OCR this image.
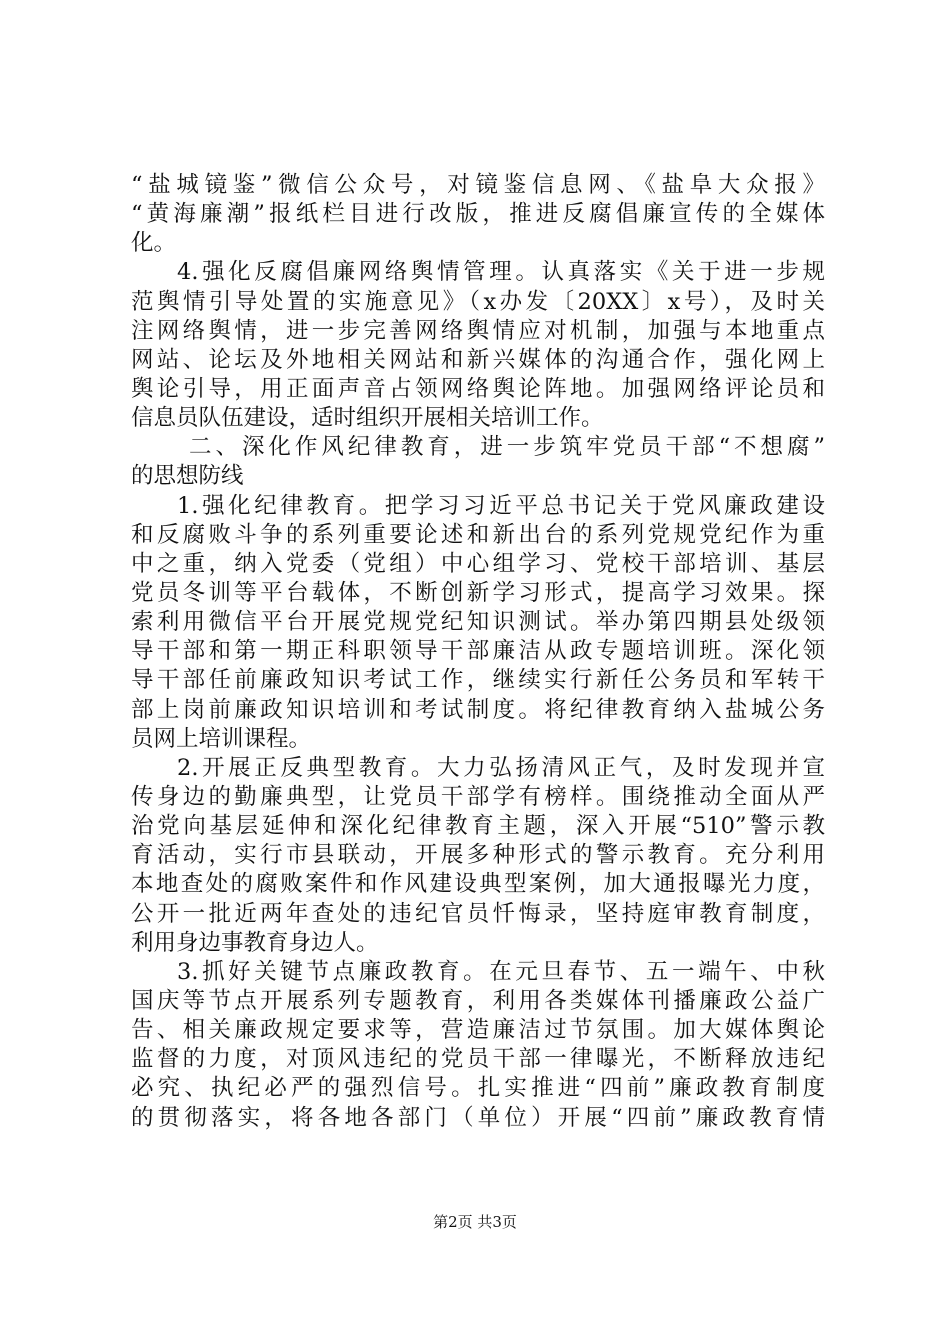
“盐城镜鉴”微信公众号，对镜鉴信息网、《盐阜大众报》
“黄海廉潮”报纸栏目进行改版，推进反腐倡廉宣传的全媒体
化。
4.强化反腐倡廉网络舆情管理。认真落实《关于进一步规
范舆情引导处置的实施意见》（x办发〔20XX〕x号），及时关
注网络舆情，进一步完善网络舆情应对机制，加强与本地重点
网站、论坛及外地相关网站和新兴媒体的沟通合作，强化网上
舆论引导，用正面声音占领网络舆论阵地。加强网络评论员和
信息员队伍建设，适时组织开展相关培训工作。
二、深化作风纪律教育，进一步筑牢党员干部“不想腐”
的思想防线
1.强化纪律教育。把学习习近平总书记关于党风廉政建设
和反腐败斗争的系列重要论述和新出台的系列党规党纪作为重
中之重，纳入党委（党组）中心组学习、党校干部培训、基层
党员冬训等平台载体，不断创新学习形式，提高学习效果。探
索利用微信平台开展党规党纪知识测试。举办第四期县处级领
导干部和第一期正科职领导干部廉洁从政专题培训班。深化领
导干部任前廉政知识考试工作，继续实行新任公务员和军转干
部上岗前廉政知识培训和考试制度。将纪律教育纳入盐城公务
员网上培训课程。
2.开展正反典型教育。大力弘扬清风正气，及时发现并宣
传身边的勤廉典型，让党员干部学有榜样。围绕推动全面从严
治党向基层延伸和深化纪律教育主题，深入开展“510”警示教
育活动，实行市县联动，开展多种形式的警示教育。充分利用
本地查处的腐败案件和作风建设典型案例，加大通报曝光力度，
公开一批近两年查处的违纪官员忏悔录，坚持庭审教育制度，
利用身边事教育身边人。
3.抓好关键节点廉政教育。在元旦春节、五一端午、中秋
国庆等节点开展系列专题教育，利用各类媒体刊播廉政公益广
告、相关廉政规定要求等，营造廉洁过节氛围。加大媒体舆论
监督的力度，对顶风违纪的党员干部一律曝光，不断释放违纪
必究、执纪必严的强烈信号。扎实推进“四前”廉政教育制度
的贯彻落实，将各地各部门（单位）开展“四前”廉政教育情
第2页 共3页
